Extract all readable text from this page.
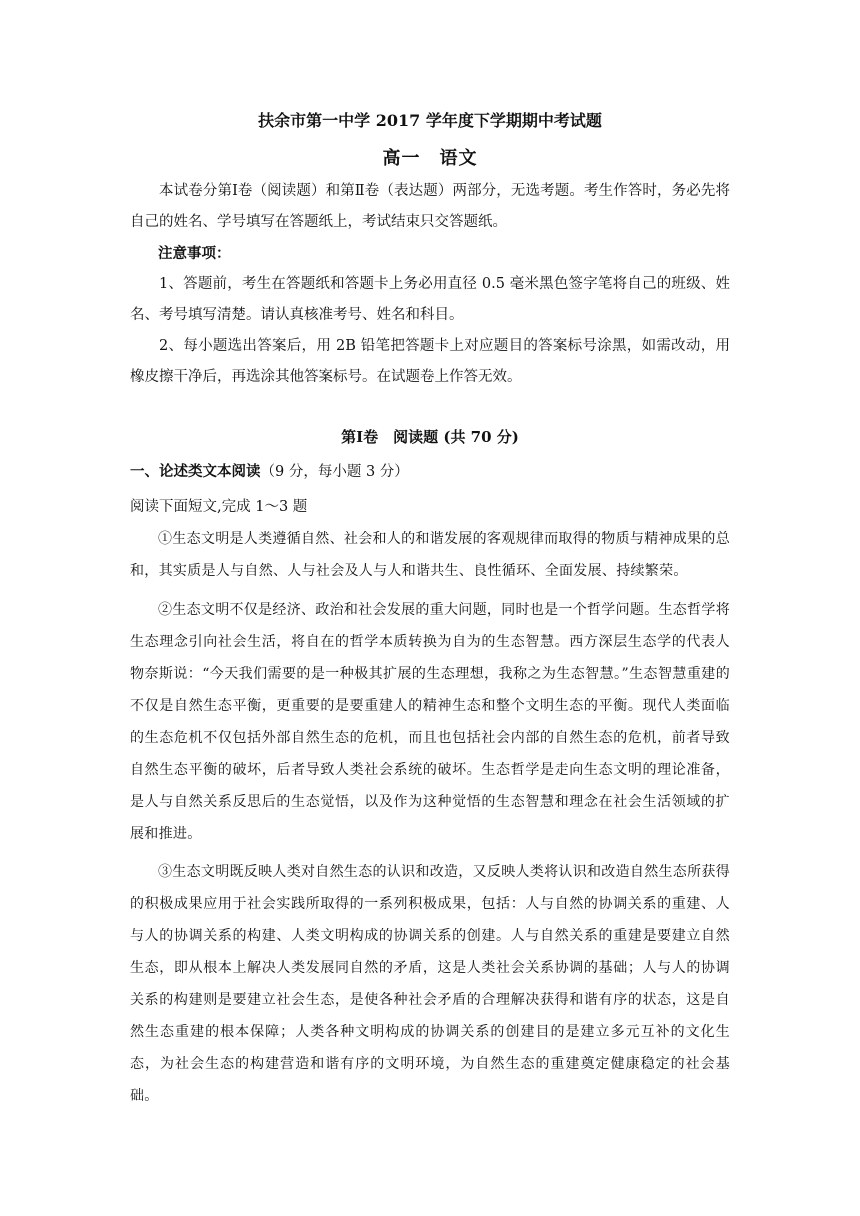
扶余市第一中学 2017 学年度下学期期中考试题
高一　语文

本试卷分第Ⅰ卷（阅读题）和第Ⅱ卷（表达题）两部分，无选考题。考生作答时，务必先将自己的姓名、学号填写在答题纸上，考试结束只交答题纸。

注意事项：

1、答题前，考生在答题纸和答题卡上务必用直径 0.5 毫米黑色签字笔将自己的班级、姓名、考号填写清楚。请认真核准考号、姓名和科目。

2、每小题选出答案后，用 2B 铅笔把答题卡上对应题目的答案标号涂黑，如需改动，用橡皮擦干净后，再选涂其他答案标号。在试题卷上作答无效。

第Ⅰ卷　阅读题 (共 70 分)
一、论述类文本阅读（9 分，每小题 3 分）
阅读下面短文,完成 1～3 题

①生态文明是人类遵循自然、社会和人的和谐发展的客观规律而取得的物质与精神成果的总和，其实质是人与自然、人与社会及人与人和谐共生、良性循环、全面发展、持续繁荣。

②生态文明不仅是经济、政治和社会发展的重大问题，同时也是一个哲学问题。生态哲学将生态理念引向社会生活，将自在的哲学本质转换为自为的生态智慧。西方深层生态学的代表人物奈斯说：“今天我们需要的是一种极其扩展的生态理想，我称之为生态智慧。”生态智慧重建的不仅是自然生态平衡，更重要的是要重建人的精神生态和整个文明生态的平衡。现代人类面临的生态危机不仅包括外部自然生态的危机，而且也包括社会内部的自然生态的危机，前者导致自然生态平衡的破坏，后者导致人类社会系统的破坏。生态哲学是走向生态文明的理论准备，是人与自然关系反思后的生态觉悟，以及作为这种觉悟的生态智慧和理念在社会生活领域的扩展和推进。

③生态文明既反映人类对自然生态的认识和改造，又反映人类将认识和改造自然生态所获得的积极成果应用于社会实践所取得的一系列积极成果，包括：人与自然的协调关系的重建、人与人的协调关系的构建、人类文明构成的协调关系的创建。人与自然关系的重建是要建立自然生态，即从根本上解决人类发展同自然的矛盾，这是人类社会关系协调的基础；人与人的协调关系的构建则是要建立社会生态，是使各种社会矛盾的合理解决获得和谐有序的状态，这是自然生态重建的根本保障；人类各种文明构成的协调关系的创建目的是建立多元互补的文化生态，为社会生态的构建营造和谐有序的文明环境，为自然生态的重建奠定健康稳定的社会基础。
